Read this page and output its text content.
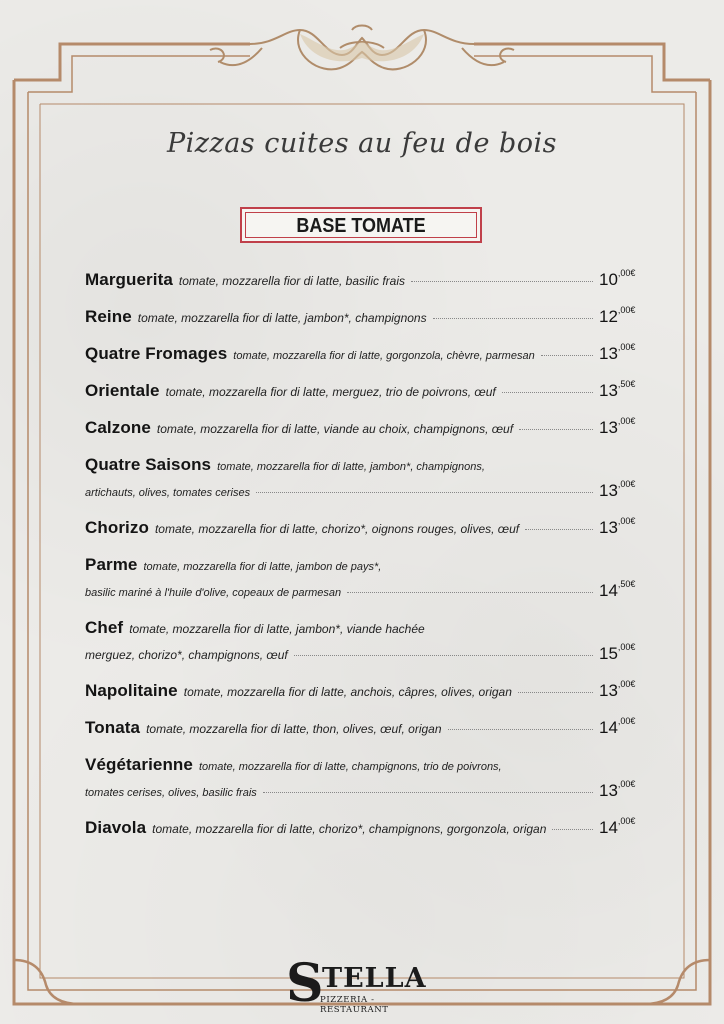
Pizzas cuites au feu de bois
BASE TOMATE
Marguerita tomate, mozzarella fior di latte, basilic frais	$10^{,00€}$
Reine tomate, mozzarella fior di latte, jambon*, champignons	$12^{,00€}$
Quatre Fromages tomate, mozzarella fior di latte, gorgonzola, chèvre, parmesan	$13^{,00€}$
Orientale tomate, mozzarella fior di latte, merguez, trio de poivrons, œuf	$13^{,50€}$
Calzone tomate, mozzarella fior di latte, viande au choix, champignons, œuf	$13^{,00€}$
Quatre Saisons tomate, mozzarella fior di latte, jambon*, champignons,
artichauts, olives, tomates cerises	$13^{,00€}$
Chorizo tomate, mozzarella fior di latte, chorizo*, oignons rouges, olives, œuf	$13^{,00€}$
Parme tomate, mozzarella fior di latte, jambon de pays*,
basilic mariné à l'huile d'olive, copeaux de parmesan	$14^{,50€}$
Chef tomate, mozzarella fior di latte, jambon*, viande hachée
merguez, chorizo*, champignons, œuf	$15^{,00€}$
Napolitaine tomate, mozzarella fior di latte, anchois, câpres, olives, origan	$13^{,00€}$
Tonata tomate, mozzarella fior di latte, thon, olives, œuf, origan	$14^{,00€}$
Végétarienne tomate, mozzarella fior di latte, champignons, trio de poivrons,
tomates cerises, olives, basilic frais	$13^{,00€}$
Diavola tomate, mozzarella fior di latte, chorizo*, champignons, gorgonzola, origan	$14^{,00€}$
S
TELLA
PIZZERIA - RESTAURANT
